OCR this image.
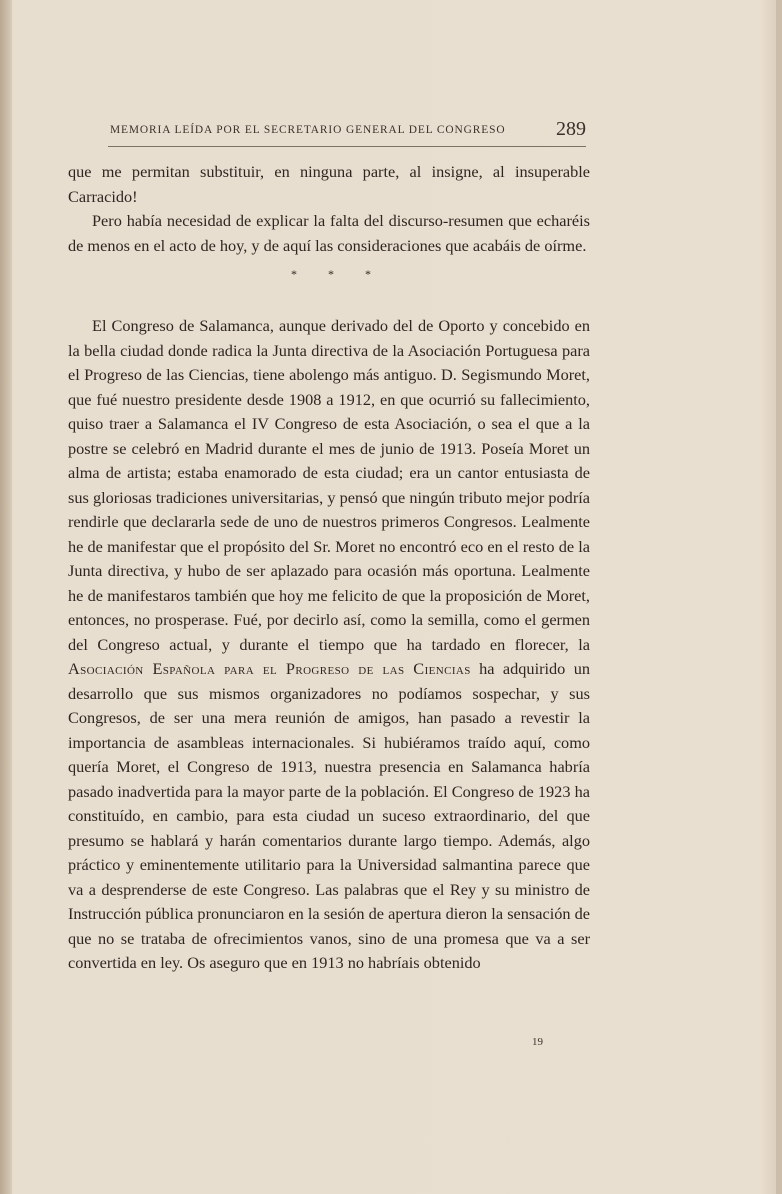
MEMORIA LEÍDA POR EL SECRETARIO GENERAL DEL CONGRESO	289

que me permitan substituir, en ninguna parte, al insigne, al insuperable Carracido!

Pero había necesidad de explicar la falta del discurso-resumen que echaréis de menos en el acto de hoy, y de aquí las consideraciones que acabáis de oírme.

* * *

El Congreso de Salamanca, aunque derivado del de Oporto y concebido en la bella ciudad donde radica la Junta directiva de la Asociación Portuguesa para el Progreso de las Ciencias, tiene abolengo más antiguo. D. Segismundo Moret, que fué nuestro presidente desde 1908 a 1912, en que ocurrió su fallecimiento, quiso traer a Salamanca el IV Congreso de esta Asociación, o sea el que a la postre se celebró en Madrid durante el mes de junio de 1913. Poseía Moret un alma de artista; estaba enamorado de esta ciudad; era un cantor entusiasta de sus gloriosas tradiciones universitarias, y pensó que ningún tributo mejor podría rendirle que declararla sede de uno de nuestros primeros Congresos. Lealmente he de manifestar que el propósito del Sr. Moret no encontró eco en el resto de la Junta directiva, y hubo de ser aplazado para ocasión más oportuna. Lealmente he de manifestaros también que hoy me felicito de que la proposición de Moret, entonces, no prosperase. Fué, por decirlo así, como la semilla, como el germen del Congreso actual, y durante el tiempo que ha tardado en florecer, la Asociación Española para el Progreso de las Ciencias ha adquirido un desarrollo que sus mismos organizadores no podíamos sospechar, y sus Congresos, de ser una mera reunión de amigos, han pasado a revestir la importancia de asambleas internacionales. Si hubiéramos traído aquí, como quería Moret, el Congreso de 1913, nuestra presencia en Salamanca habría pasado inadvertida para la mayor parte de la población. El Congreso de 1923 ha constituído, en cambio, para esta ciudad un suceso extraordinario, del que presumo se hablará y harán comentarios durante largo tiempo. Además, algo práctico y eminentemente utilitario para la Universidad salmantina parece que va a desprenderse de este Congreso. Las palabras que el Rey y su ministro de Instrucción pública pronunciaron en la sesión de apertura dieron la sensación de que no se trataba de ofrecimientos vanos, sino de una promesa que va a ser convertida en ley. Os aseguro que en 1913 no habríais obtenido

19
